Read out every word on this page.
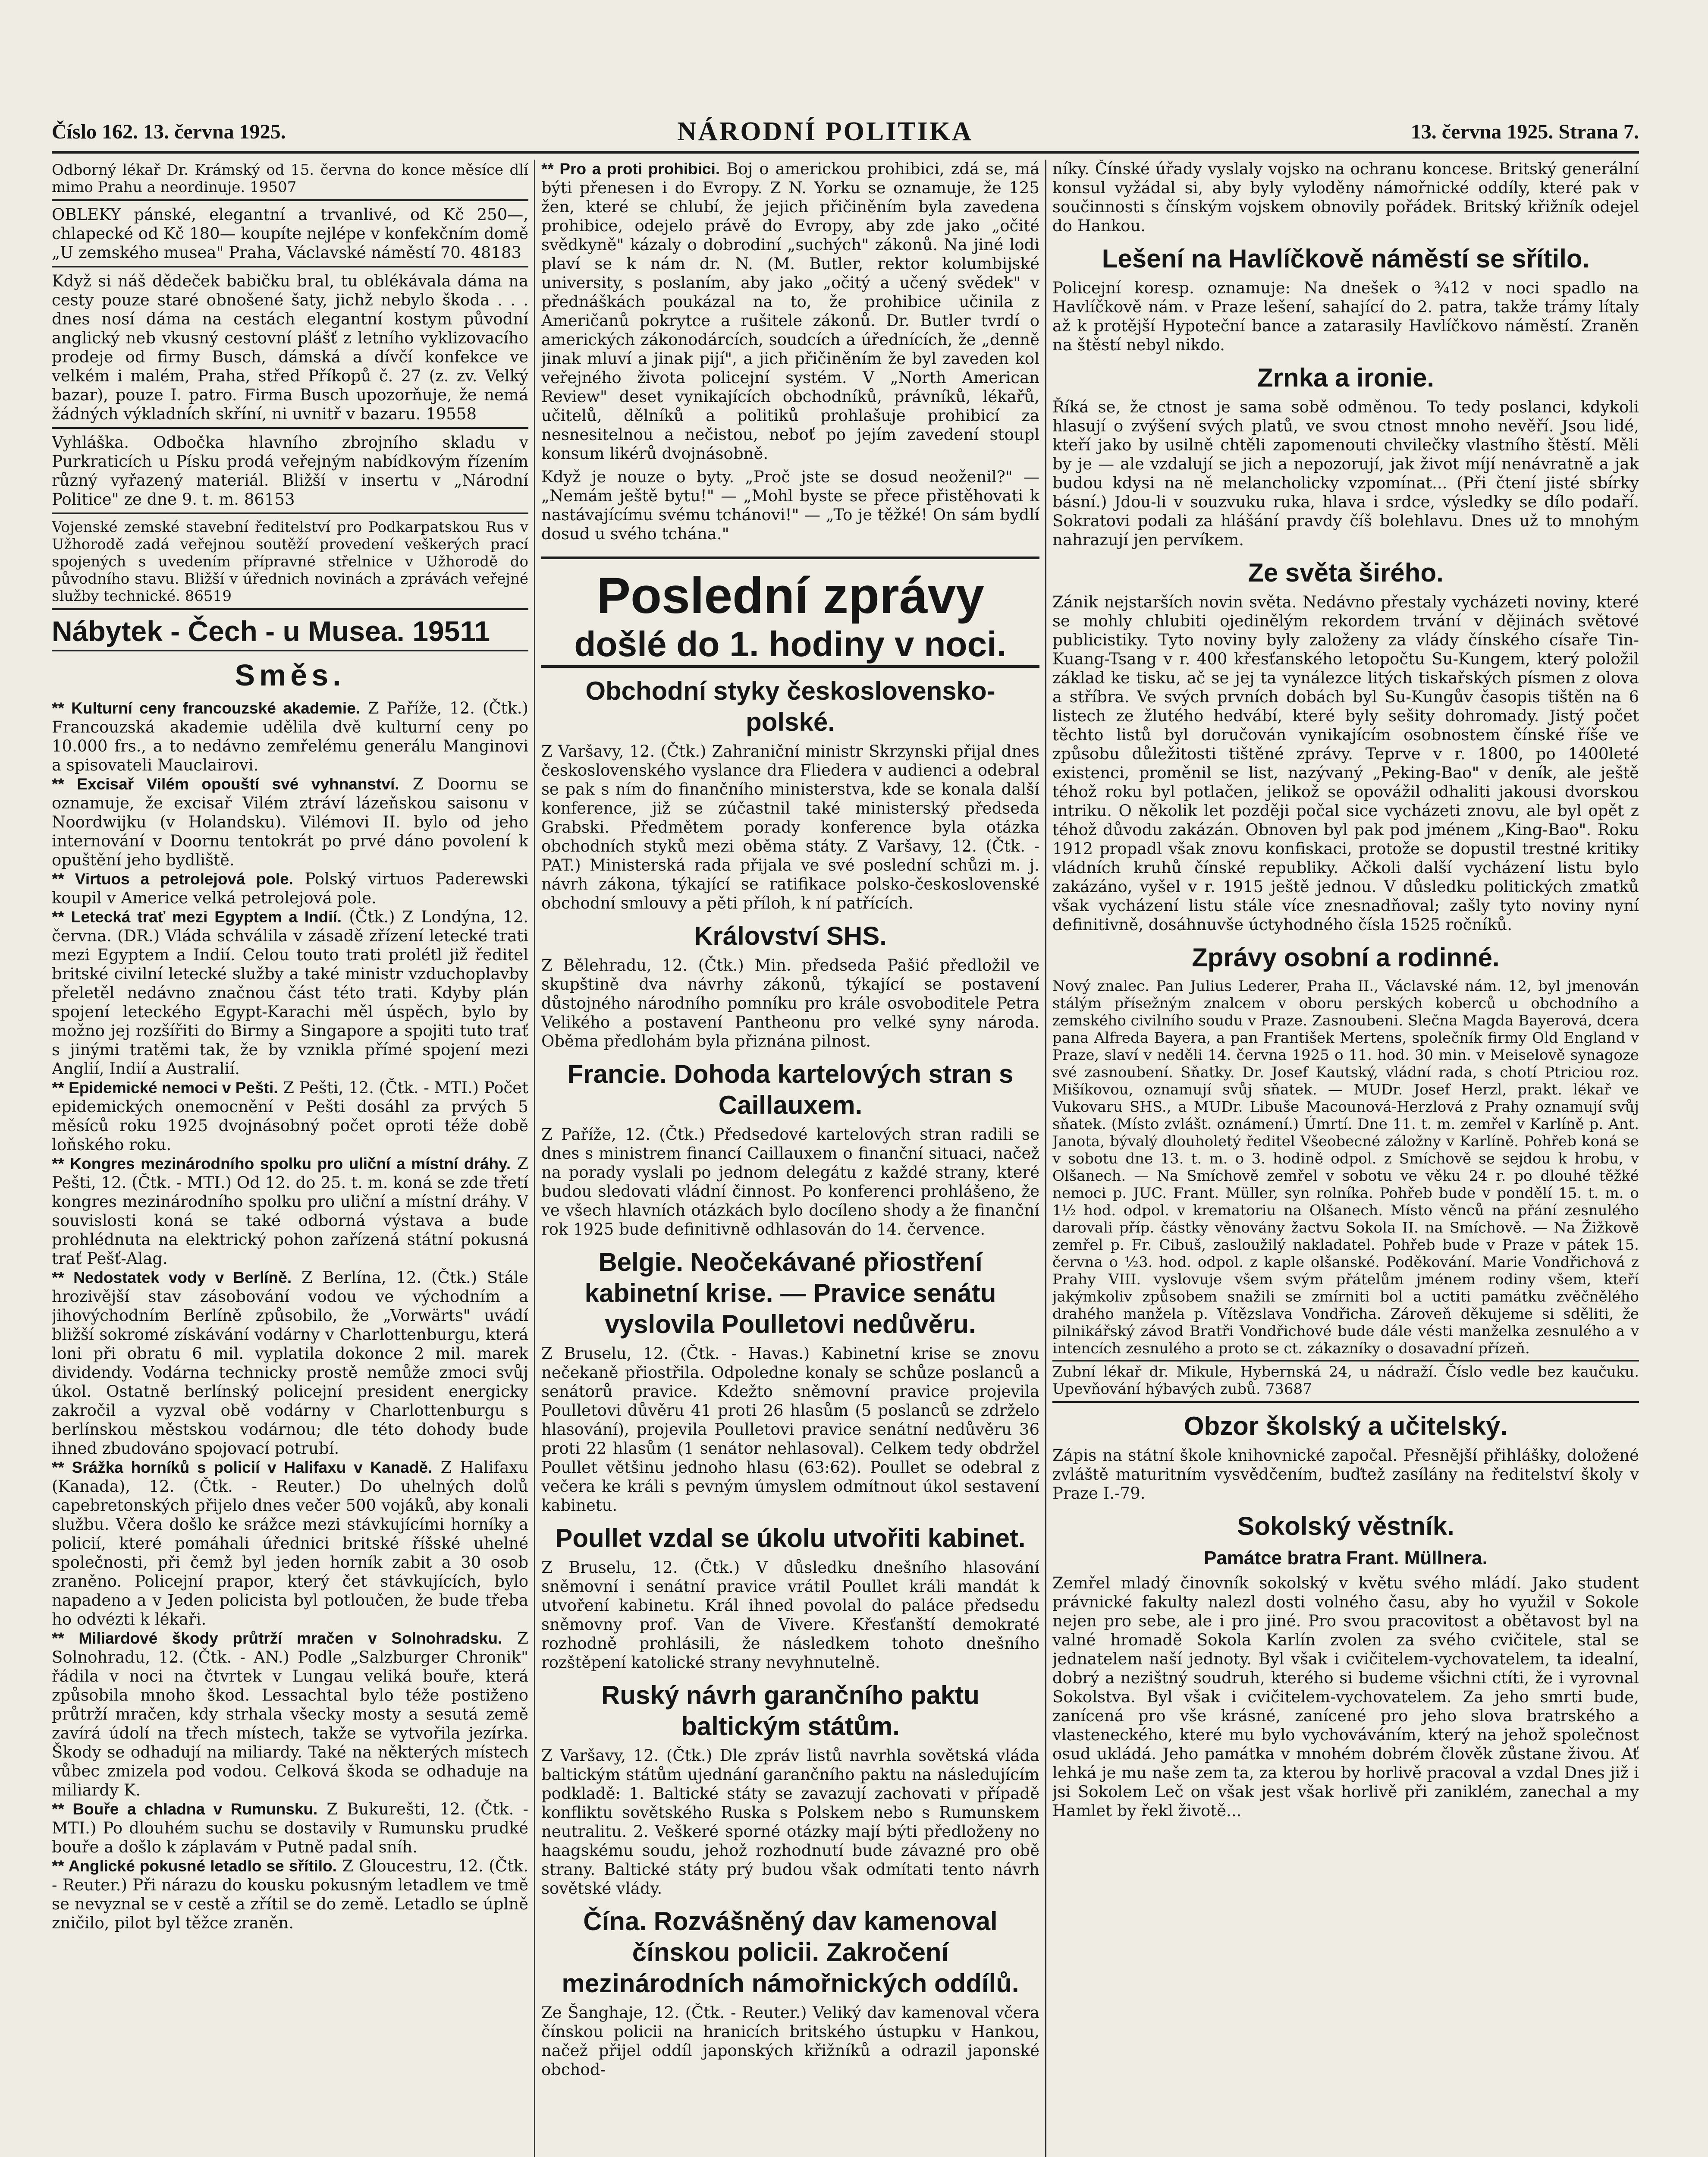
Číslo 162. 13. června 1925.	NÁRODNÍ POLITIKA	13. června 1925. Strana 7.

Odborný lékař Dr. Krámský od 15. června do konce měsíce dlí mimo Prahu a neordinuje. 19507

OBLEKY pánské, elegantní a trvanlivé, od Kč 250—, chlapecké od Kč 180— koupíte nejlépe v konfekčním domě „U zemského musea" Praha, Václavské náměstí 70. 48183

Když si náš dědeček babičku bral, tu oblékávala dáma na cesty pouze staré obnošené šaty, jichž nebylo škoda . . . dnes nosí dáma na cestách elegantní kostym původní anglický neb vkusný cestovní plášť z letního vyklizovacího prodeje od firmy Busch, dámská a dívčí konfekce ve velkém i malém, Praha, střed Příkopů č. 27 (z. zv. Velký bazar), pouze I. patro. Firma Busch upozorňuje, že nemá žádných výkladních skříní, ni uvnitř v bazaru. 19558

Vyhláška. Odbočka hlavního zbrojního skladu v Purkraticích u Písku prodá veřejným nabídkovým řízením různý vyřazený materiál. Bližší v insertu v „Národní Politice" ze dne 9. t. m. 86153

Vojenské zemské stavební ředitelství pro Podkarpatskou Rus v Užhorodě zadá veřejnou soutěží provedení veškerých prací spojených s uvedením přípravné střelnice v Užhorodě do původního stavu. Bližší v úřednich novinách a zprávách veřejné služby technické. 86519

Nábytek - Čech - u Musea. 19511
Směs.

** Kulturní ceny francouzské akademie. Z Paříže, 12. (Čtk.) Francouzská akademie udělila dvě kulturní ceny po 10.000 frs., a to nedávno zemřelému generálu Manginovi a spisovateli Mauclairovi.

** Excisař Vilém opouští své vyhnanství. Z Doornu se oznamuje, že excisař Vilém ztráví lázeňskou saisonu v Noordwijku (v Holandsku). Vilémovi II. bylo od jeho internování v Doornu tentokrát po prvé dáno povolení k opuštění jeho bydliště.

** Virtuos a petrolejová pole. Polský virtuos Paderewski koupil v Americe velká petrolejová pole.

** Letecká trať mezi Egyptem a Indií. (Čtk.) Z Londýna, 12. června. (DR.) Vláda schválila v zásadě zřízení letecké trati mezi Egyptem a Indií. Celou touto trati prolétl již ředitel britské civilní letecké služby a také ministr vzduchoplavby přeletěl nedávno značnou část této trati. Kdyby plán spojení leteckého Egypt-Karachi měl úspěch, bylo by možno jej rozšířiti do Birmy a Singapore a spojiti tuto trať s jinými tratěmi tak, že by vznikla přímé spojení mezi Anglií, Indií a Australií.

** Epidemické nemoci v Pešti. Z Pešti, 12. (Čtk. - MTI.) Počet epidemických onemocnění v Pešti dosáhl za prvých 5 měsíců roku 1925 dvojnásobný počet oproti téže době loňského roku.

** Kongres mezinárodního spolku pro uliční a místní dráhy. Z Pešti, 12. (Čtk. - MTI.) Od 12. do 25. t. m. koná se zde třetí kongres mezinárodního spolku pro uliční a místní dráhy. V souvislosti koná se také odborná výstava a bude prohlédnuta na elektrický pohon zařízená státní pokusná trať Pešť-Alag.

** Nedostatek vody v Berlíně. Z Berlína, 12. (Čtk.) Stále hrozivější stav zásobování vodou ve východním a jihovýchodním Berlíně způsobilo, že „Vorwärts" uvádí bližší sokromé získávání vodárny v Charlottenburgu, která loni při obratu 6 mil. vyplatila dokonce 2 mil. marek dividendy. Vodárna technicky prostě nemůže zmoci svůj úkol. Ostatně berlínský policejní president energicky zakročil a vyzval obě vodárny v Charlottenburgu s berlínskou městskou vodárnou; dle této dohody bude ihned zbudováno spojovací potrubí.

** Srážka horníků s policií v Halifaxu v Kanadě. Z Halifaxu (Kanada), 12. (Čtk. - Reuter.) Do uhelných dolů capebretonských přijelo dnes večer 500 vojáků, aby konali službu. Včera došlo ke srážce mezi stávkujícími horníky a policií, které pomáhali úřednici britské říšské uhelné společnosti, při čemž byl jeden horník zabit a 30 osob zraněno. Policejní prapor, který čet stávkujících, bylo napadeno a v Jeden policista byl potloučen, že bude třeba ho odvézti k lékaři.

** Miliardové škody průtrží mračen v Solnohradsku. Z Solnohradu, 12. (Čtk. - AN.) Podle „Salzburger Chronik" řádila v noci na čtvrtek v Lungau veliká bouře, která způsobila mnoho škod. Lessachtal bylo téže postiženo průtrží mračen, kdy strhala všecky mosty a sesutá země zavírá údolí na třech místech, takže se vytvořila jezírka. Škody se odhadují na miliardy. Také na některých místech vůbec zmizela pod vodou. Celková škoda se odhaduje na miliardy K.

** Bouře a chladna v Rumunsku. Z Bukurešti, 12. (Čtk. - MTI.) Po dlouhém suchu se dostavily v Rumunsku prudké bouře a došlo k záplavám v Putně padal sníh.

** Anglické pokusné letadlo se sřítilo. Z Gloucestru, 12. (Čtk. - Reuter.) Při nárazu do kousku pokusným letadlem ve tmě se nevyznal se v cestě a zřítil se do země. Letadlo se úplně zničilo, pilot byl těžce zraněn.

** Pro a proti prohibici. Boj o americkou prohibici, zdá se, má býti přenesen i do Evropy. Z N. Yorku se oznamuje, že 125 žen, které se chlubí, že jejich přičiněním byla zavedena prohibice, odejelo právě do Evropy, aby zde jako „očité svědkyně" kázaly o dobrodiní „suchých" zákonů. Na jiné lodi plaví se k nám dr. N. (M. Butler, rektor kolumbijské university, s poslaním, aby jako „očitý a učený svědek" v přednáškách poukázal na to, že prohibice učinila z Američanů pokrytce a rušitele zákonů. Dr. Butler tvrdí o amerických zákonodárcích, soudcích a úřednících, že „denně jinak mluví a jinak pijí", a jich přičiněním že byl zaveden kol veřejného života policejní systém. V „North American Review" deset vynikajících obchodníků, právníků, lékařů, učitelů, dělníků a politiků prohlašuje prohibicí za nesnesitelnou a nečistou, neboť po jejím zavedení stoupl konsum likérů dvojnásobně.

Když je nouze o byty. „Proč jste se dosud neoženil?" — „Nemám ještě bytu!" — „Mohl byste se přece přistěhovati k nastávajícímu svému tchánovi!" — „To je těžké! On sám bydlí dosud u svého tchána."

Poslední zprávy
došlé do 1. hodiny v noci.
Obchodní styky československo-polské.

Z Varšavy, 12. (Čtk.) Zahraniční ministr Skrzynski přijal dnes československého vyslance dra Fliedera v audienci a odebral se pak s ním do finančního ministerstva, kde se konala další konference, již se zúčastnil také ministerský předseda Grabski. Předmětem porady konference byla otázka obchodních styků mezi oběma státy. Z Varšavy, 12. (Čtk. - PAT.) Ministerská rada přijala ve své poslední schůzi m. j. návrh zákona, týkající se ratifikace polsko-československé obchodní smlouvy a pěti příloh, k ní patřících.

Království SHS.

Z Bělehradu, 12. (Čtk.) Min. předseda Pašić předložil ve skupštině dva návrhy zákonů, týkající se postavení důstojného národního pomníku pro krále osvoboditele Petra Velikého a postavení Pantheonu pro velké syny národa. Oběma předlohám byla přiznána pilnost.

Francie. Dohoda kartelových stran s Caillauxem.

Z Paříže, 12. (Čtk.) Předsedové kartelových stran radili se dnes s ministrem financí Caillauxem o finanční situaci, načež na porady vyslali po jednom delegátu z každé strany, které budou sledovati vládní činnost. Po konferenci prohlášeno, že ve všech hlavních otázkách bylo docíleno shody a že finanční rok 1925 bude definitivně odhlasován do 14. července.

Belgie. Neočekávané přiostření kabinetní krise. — Pravice senátu vyslovila Poulletovi nedůvěru.

Z Bruselu, 12. (Čtk. - Havas.) Kabinetní krise se znovu nečekaně přiostřila. Odpoledne konaly se schůze poslanců a senátorů pravice. Kdežto sněmovní pravice projevila Poulletovi důvěru 41 proti 26 hlasům (5 poslanců se zdrželo hlasování), projevila Poulletovi pravice senátní nedůvěru 36 proti 22 hlasům (1 senátor nehlasoval). Celkem tedy obdržel Poullet většinu jednoho hlasu (63:62). Poullet se odebral z večera ke králi s pevným úmyslem odmítnout úkol sestavení kabinetu.

Poullet vzdal se úkolu utvořiti kabinet.

Z Bruselu, 12. (Čtk.) V důsledku dnešního hlasování sněmovní i senátní pravice vrátil Poullet králi mandát k utvoření kabinetu. Král ihned povolal do paláce předsedu sněmovny prof. Van de Vivere. Křesťanští demokraté rozhodně prohlásili, že následkem tohoto dnešního rozštěpení katolické strany nevyhnutelně.

Ruský návrh garančního paktu baltickým státům.

Z Varšavy, 12. (Čtk.) Dle zpráv listů navrhla sovětská vláda baltickým státům ujednání garančního paktu na následujícím podkladě: 1. Baltické státy se zavazují zachovati v případě konfliktu sovětského Ruska s Polskem nebo s Rumunskem neutralitu. 2. Veškeré sporné otázky mají býti předloženy no haagskému soudu, jehož rozhodnutí bude závazné pro obě strany. Baltické státy prý budou však odmítati tento návrh sovětské vlády.

Čína. Rozvášněný dav kamenoval čínskou policii. Zakročení mezinárodních námořnických oddílů.

Ze Šanghaje, 12. (Čtk. - Reuter.) Veliký dav kamenoval včera čínskou policii na hranicích britského ústupku v Hankou, načež přijel oddíl japonských křižníků a odrazil japonské obchod-

níky. Čínské úřady vyslaly vojsko na ochranu koncese. Britský generální konsul vyžádal si, aby byly vyloděny námořnické oddíly, které pak v součinnosti s čínským vojskem obnovily pořádek. Britský křižník odejel do Hankou.

Lešení na Havlíčkově náměstí se sřítilo.

Policejní koresp. oznamuje: Na dnešek o ¾12 v noci spadlo na Havlíčkově nám. v Praze lešení, sahající do 2. patra, takže trámy lítaly až k protější Hypoteční bance a zatarasily Havlíčkovo náměstí. Zraněn na štěstí nebyl nikdo.

Zrnka a ironie.

Říká se, že ctnost je sama sobě odměnou. To tedy poslanci, kdykoli hlasují o zvýšení svých platů, ve svou ctnost mnoho nevěří. Jsou lidé, kteří jako by usilně chtěli zapomenouti chvilečky vlastního štěstí. Měli by je — ale vzdalují se jich a nepozorují, jak život míjí nenávratně a jak budou kdysi na ně melancholicky vzpomínat... (Při čtení jisté sbírky básní.) Jdou-li v souzvuku ruka, hlava i srdce, výsledky se dílo podaří. Sokratovi podali za hlášání pravdy číš bolehlavu. Dnes už to mnohým nahrazují jen pervíkem.

Ze světa širého.

Zánik nejstarších novin světa. Nedávno přestaly vycházeti noviny, které se mohly chlubiti ojedinělým rekordem trvání v dějinách světové publicistiky. Tyto noviny byly založeny za vlády čínského císaře Tin-Kuang-Tsang v r. 400 křesťanského letopočtu Su-Kungem, který položil základ ke tisku, ač se jej ta vynálezce litých tiskařských písmen z olova a stříbra. Ve svých prvních dobách byl Su-Kungův časopis tištěn na 6 listech ze žlutého hedvábí, které byly sešity dohromady. Jistý počet těchto listů byl doručován vynikajícím osobnostem čínské říše ve způsobu důležitosti tištěné zprávy. Teprve v r. 1800, po 1400leté existenci, proměnil se list, nazývaný „Peking-Bao" v deník, ale ještě téhož roku byl potlačen, jelikož se opovážil odhaliti jakousi dvorskou intriku. O několik let později počal sice vycházeti znovu, ale byl opět z téhož důvodu zakázán. Obnoven byl pak pod jménem „King-Bao". Roku 1912 propadl však znovu konfiskaci, protože se dopustil trestné kritiky vládních kruhů čínské republiky. Ačkoli další vycházení listu bylo zakázáno, vyšel v r. 1915 ještě jednou. V důsledku politických zmatků však vycházení listu stále více znesnadňoval; zašly tyto noviny nyní definitivně, dosáhnuvše úctyhodného čísla 1525 ročníků.

Zprávy osobní a rodinné.

Nový znalec. Pan Julius Lederer, Praha II., Václavské nám. 12, byl jmenován stálým přísežným znalcem v oboru perských koberců u obchodního a zemského civilního soudu v Praze. Zasnoubeni. Slečna Magda Bayerová, dcera pana Alfreda Bayera, a pan František Mertens, společník firmy Old England v Praze, slaví v neděli 14. června 1925 o 11. hod. 30 min. v Meiselově synagoze své zasnoubení. Sňatky. Dr. Josef Kautský, vládní rada, s chotí Ptriciou roz. Mišíkovou, oznamují svůj sňatek. — MUDr. Josef Herzl, prakt. lékař ve Vukovaru SHS., a MUDr. Libuše Macounová-Herzlová z Prahy oznamují svůj sňatek. (Místo zvlášt. oznámení.) Úmrtí. Dne 11. t. m. zemřel v Karlíně p. Ant. Janota, bývalý dlouholetý ředitel Všeobecné záložny v Karlíně. Pohřeb koná se v sobotu dne 13. t. m. o 3. hodině odpol. z Smíchově se sejdou k hrobu, v Olšanech. — Na Smíchově zemřel v sobotu ve věku 24 r. po dlouhé těžké nemoci p. JUC. Frant. Müller, syn rolníka. Pohřeb bude v pondělí 15. t. m. o 1½ hod. odpol. v krematoriu na Olšanech. Místo věnců na přání zesnulého darovali příp. částky věnovány žactvu Sokola II. na Smíchově. — Na Žižkově zemřel p. Fr. Cibuš, zasloužilý nakladatel. Pohřeb bude v Praze v pátek 15. června o ½3. hod. odpol. z kaple olšanské. Poděkování. Marie Vondřichová z Prahy VIII. vyslovuje všem svým přátelům jménem rodiny všem, kteří jakýmkoliv způsobem snažili se zmírniti bol a uctiti památku zvěčnělého drahého manžela p. Vítězslava Vondřicha. Zároveň děkujeme si sděliti, že pilnikářský závod Bratři Vondřichové bude dále vésti manželka zesnulého a v intencích zesnulého a proto se ct. zákazníky o dosavadní přízeň.

Zubní lékař dr. Mikule, Hybernská 24, u nádraží. Číslo vedle bez kaučuku. Upevňování hýbavých zubů. 73687

Obzor školský a učitelský.

Zápis na státní škole knihovnické započal. Přesnější přihlášky, doložené zvláště maturitním vysvědčením, buďtež zasílány na ředitelství školy v Praze I.-79.

Sokolský věstník.
Památce bratra Frant. Müllnera.

Zemřel mladý činovník sokolský v květu svého mládí. Jako student právnické fakulty nalezl dosti volného času, aby ho využil v Sokole nejen pro sebe, ale i pro jiné. Pro svou pracovitost a obětavost byl na valné hromadě Sokola Karlín zvolen za svého cvičitele, stal se jednatelem naší jednoty. Byl však i cvičitelem-vychovatelem, ta idealní, dobrý a nezištný soudruh, kterého si budeme všichni ctíti, že i vyrovnal Sokolstva. Byl však i cvičitelem-vychovatelem. Za jeho smrti bude, zanícená pro vše krásné, zanícené pro jeho slova bratrského a vlasteneckého, které mu bylo vychováváním, který na jehož společnost osud ukládá. Jeho památka v mnohém dobrém člověk zůstane živou. Ať lehká je mu naše zem ta, za kterou by horlivě pracoval a vzdal Dnes již i jsi Sokolem Leč on však jest však horlivě při zaniklém, zanechal a my Hamlet by řekl životě...
